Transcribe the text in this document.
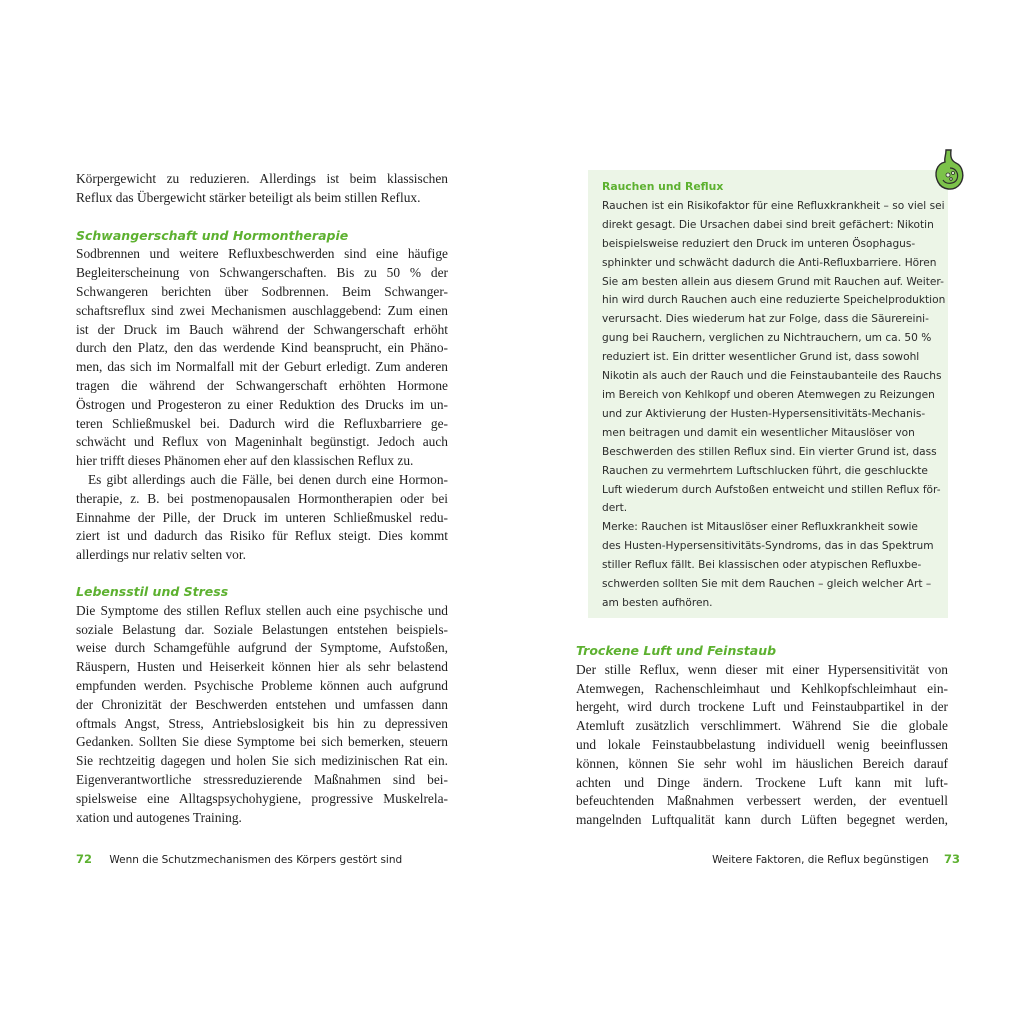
Körpergewicht zu reduzieren. Allerdings ist beim klassischen
Reflux das Übergewicht stärker beteiligt als beim stillen Reflux.
Schwangerschaft und Hormontherapie
Sodbrennen und weitere Refluxbeschwerden sind eine häufige
Begleiterscheinung von Schwangerschaften. Bis zu 50 % der
Schwangeren berichten über Sodbrennen. Beim Schwanger-
schaftsreflux sind zwei Mechanismen auschlaggebend: Zum einen
ist der Druck im Bauch während der Schwangerschaft erhöht
durch den Platz, den das werdende Kind beansprucht, ein Phäno-
men, das sich im Normalfall mit der Geburt erledigt. Zum anderen
tragen die während der Schwangerschaft erhöhten Hormone
Östrogen und Progesteron zu einer Reduktion des Drucks im un-
teren Schließmuskel bei. Dadurch wird die Refluxbarriere ge-
schwächt und Reflux von Mageninhalt begünstigt. Jedoch auch
hier trifft dieses Phänomen eher auf den klassischen Reflux zu.
Es gibt allerdings auch die Fälle, bei denen durch eine Hormon-
therapie, z. B. bei postmenopausalen Hormontherapien oder bei
Einnahme der Pille, der Druck im unteren Schließmuskel redu-
ziert ist und dadurch das Risiko für Reflux steigt. Dies kommt
allerdings nur relativ selten vor.
Lebensstil und Stress
Die Symptome des stillen Reflux stellen auch eine psychische und
soziale Belastung dar. Soziale Belastungen entstehen beispiels-
weise durch Schamgefühle aufgrund der Symptome, Aufstoßen,
Räuspern, Husten und Heiserkeit können hier als sehr belastend
empfunden werden. Psychische Probleme können auch aufgrund
der Chronizität der Beschwerden entstehen und umfassen dann
oftmals Angst, Stress, Antriebslosigkeit bis hin zu depressiven
Gedanken. Sollten Sie diese Symptome bei sich bemerken, steuern
Sie rechtzeitig dagegen und holen Sie sich medizinischen Rat ein.
Eigenverantwortliche stressreduzierende Maßnahmen sind bei-
spielsweise eine Alltagspsychohygiene, progressive Muskelrela-
xation und autogenes Training.
72 Wenn die Schutzmechanismen des Körpers gestört sind
Rauchen und Reflux
Rauchen ist ein Risikofaktor für eine Refluxkrankheit – so viel sei
direkt gesagt. Die Ursachen dabei sind breit gefächert: Nikotin
beispielsweise reduziert den Druck im unteren Ösophagus-
sphinkter und schwächt dadurch die Anti-Refluxbarriere. Hören
Sie am besten allein aus diesem Grund mit Rauchen auf. Weiter-
hin wird durch Rauchen auch eine reduzierte Speichelproduktion
verursacht. Dies wiederum hat zur Folge, dass die Säurereini-
gung bei Rauchern, verglichen zu Nichtrauchern, um ca. 50 %
reduziert ist. Ein dritter wesentlicher Grund ist, dass sowohl
Nikotin als auch der Rauch und die Feinstaubanteile des Rauchs
im Bereich von Kehlkopf und oberen Atemwegen zu Reizungen
und zur Aktivierung der Husten-Hypersensitivitäts-Mechanis-
men beitragen und damit ein wesentlicher Mitauslöser von
Beschwerden des stillen Reflux sind. Ein vierter Grund ist, dass
Rauchen zu vermehrtem Luftschlucken führt, die geschluckte
Luft wiederum durch Aufstoßen entweicht und stillen Reflux för-
dert.
Merke: Rauchen ist Mitauslöser einer Refluxkrankheit sowie
des Husten-Hypersensitivitäts-Syndroms, das in das Spektrum
stiller Reflux fällt. Bei klassischen oder atypischen Refluxbe-
schwerden sollten Sie mit dem Rauchen – gleich welcher Art –
am besten aufhören.
Trockene Luft und Feinstaub
Der stille Reflux, wenn dieser mit einer Hypersensitivität von
Atemwegen, Rachenschleimhaut und Kehlkopfschleimhaut ein-
hergeht, wird durch trockene Luft und Feinstaubpartikel in der
Atemluft zusätzlich verschlimmert. Während Sie die globale
und lokale Feinstaubbelastung individuell wenig beeinflussen
können, können Sie sehr wohl im häuslichen Bereich darauf
achten und Dinge ändern. Trockene Luft kann mit luft-
befeuchtenden Maßnahmen verbessert werden, der eventuell
mangelnden Luftqualität kann durch Lüften begegnet werden,
Weitere Faktoren, die Reflux begünstigen 73
